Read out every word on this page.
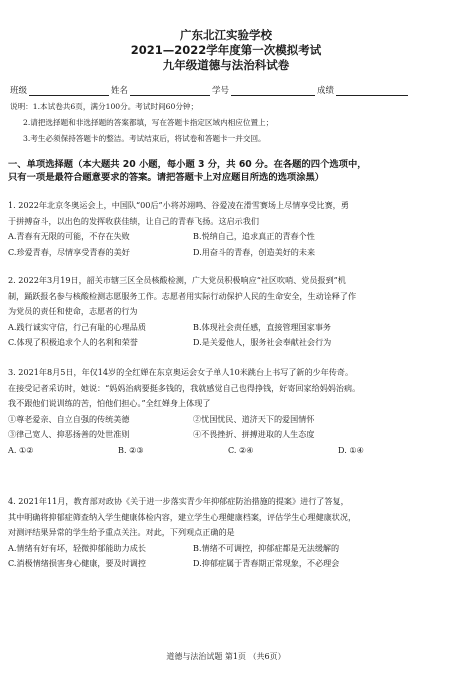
广东北江实验学校
2021—2022学年度第一次模拟考试
九年级道德与法治科试卷
班级	姓名	学号	成绩
说明：1.本试卷共6页，满分100分。考试时间60分钟；
2.请把选择题和非选择题的答案都填，写在答题卡指定区域内相应位置上；
3.考生必须保持答题卡的整洁。考试结束后，将试卷和答题卡一并交回。
一、单项选择题（本大题共 20 小题，每小题 3 分，共 60 分。在各题的四个选项中，
只有一项是最符合题意要求的答案。请把答题卡上对应题目所选的选项涂黑）

1. 2022年北京冬奥运会上，中国队“00后”小将苏翊鸣、谷爱凌在滑雪赛场上尽情享受比赛，勇

于拼搏奋斗，以出色的发挥收获佳绩，让自己的青春飞扬。这启示我们

A.青春有无限的可能，不存在失败	B.悦纳自己，追求真正的青春个性
C.珍爱青春，尽情享受青春的美好	D.用奋斗的青春，创造美好的未来

2. 2022年3月19日，韶关市辖三区全员核酸检测，广大党员积极响应“社区吹哨、党员报到”机

制，踊跃报名参与核酸检测志愿服务工作。志愿者用实际行动保护人民的生命安全，生动诠释了作

为党员的责任和使命，志愿者的行为

A.践行诚实守信，行己有耻的心理品质	B.体现社会责任感，直接管理国家事务
C.体现了积极追求个人的名利和荣誉	D.是关爱他人，服务社会奉献社会行为

3. 2021年8月5日，年仅14岁的全红婵在东京奥运会女子单人10米跳台上书写了新的少年传奇。

在接受记者采访时，她说：“妈妈治病要挺多钱的，我就感觉自己也得挣钱，好寄回家给妈妈治病。

我不跟他们说训练的苦，怕他们担心。”全红婵身上体现了

①尊老爱亲、自立自强的传统美德	②忧国忧民、道济天下的爱国情怀
③律己宽人、抑恶扬善的处世准则	④不畏挫折、拼搏进取的人生态度
A. ①②	B. ②③	C. ②④	D. ①④

4. 2021年11月，教育部对政协《关于进一步落实青少年抑郁症防治措施的提案》进行了答复，

其中明确将抑郁症筛查纳入学生健康体检内容，建立学生心理健康档案，评估学生心理健康状况，

对测评结果异常的学生给予重点关注。对此，下列观点正确的是

A.情绪有好有坏，轻微抑郁能助力成长	B.情绪不可调控，抑郁症都是无法缓解的
C.消极情绪损害身心健康，要及时调控	D.抑郁症属于青春期正常现象，不必理会
道德与法治试题 第1页 （共6页）
